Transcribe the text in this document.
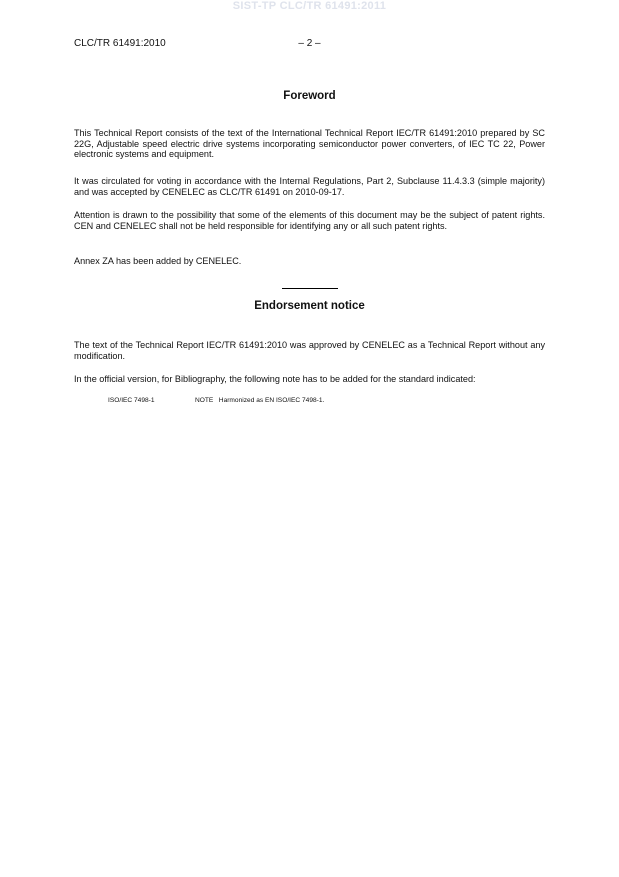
SIST-TP CLC/TR 61491:2011
CLC/TR 61491:2010	– 2 –
Foreword

This Technical Report consists of the text of the International Technical Report IEC/TR 61491:2010 prepared by SC 22G, Adjustable speed electric drive systems incorporating semiconductor power converters, of IEC TC 22, Power electronic systems and equipment.

It was circulated for voting in accordance with the Internal Regulations, Part 2, Subclause 11.4.3.3 (simple majority) and was accepted by CENELEC as CLC/TR 61491 on 2010-09-17.

Attention is drawn to the possibility that some of the elements of this document may be the subject of patent rights. CEN and CENELEC shall not be held responsible for identifying any or all such patent rights.

Annex ZA has been added by CENELEC.

Endorsement notice

The text of the Technical Report IEC/TR 61491:2010 was approved by CENELEC as a Technical Report without any modification.

In the official version, for Bibliography, the following note has to be added for the standard indicated:

ISO/IEC 7498-1	NOTE   Harmonized as EN ISO/IEC 7498-1.
